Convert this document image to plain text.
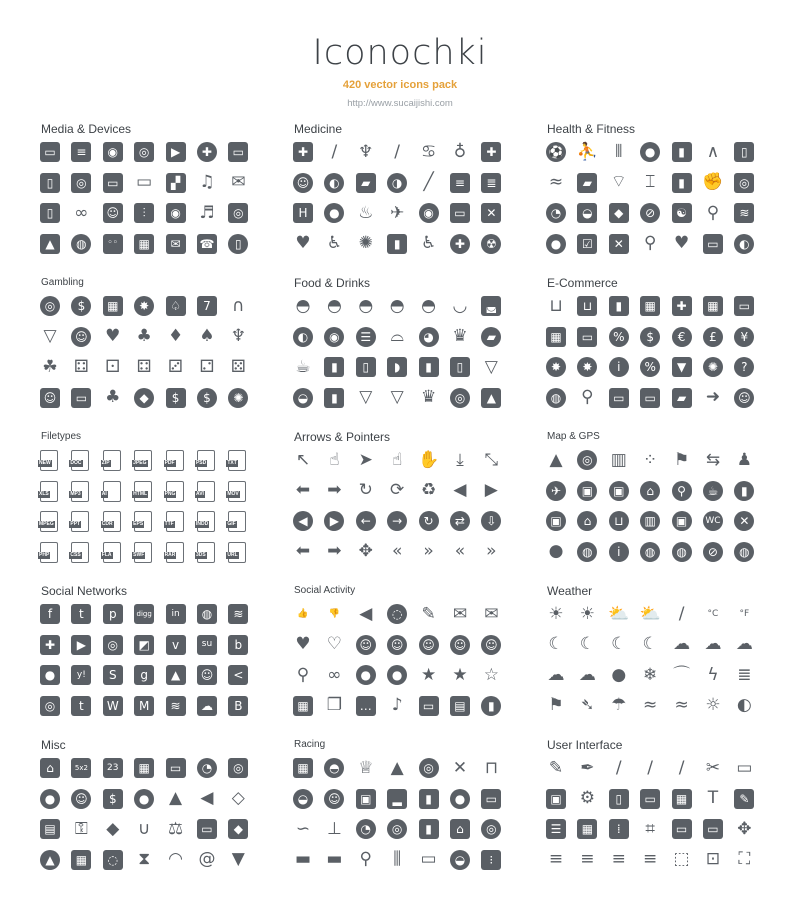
Iconochki
420 vector icons pack
http://www.sucaijishi.com
Media & Devices
▭	≡	◉	◎	▶	✚	▭
▯	◎	▭ ▭	▞	♫ ✉
▯	∞	☺	⫶	◉ ♬	◎
▲	◍	◦◦	▦	✉	☎	▯
Medicine
✚	/	♆	/	♋ ♁	✚
☺	◐	▰	◑ ╱	≡	≣
H	● ♨ ✈	◉	▭	✕
♥ ♿ ✺	▮	♿	✚	☢
Health & Fitness
⚽ ⛹	⦀	●	▮	∧	▯
≈	▰	⌔ ⌶	▮	✊	◎
◔	◒	◆	⊘	☯ ⚲	≋
●	☑	✕ ⚲ ♥	▭	◐
Gambling
◎	$	▦	✸	♤	7	∩
▽	☺ ♥ ♣ ♦ ♠ ♆
☘ ⚃ ⚀ ⚃ ⚂ ⚁ ⚄
☺	▭ ♣	◆	$	$	✺
Food & Drinks
◓ ◓ ◓ ◓ ◓ ◡	◛
◐	◉	☰ ⌓	◕ ♛	▰
☕	▮	▯	◗	▮	▯	▽
◒	▮	▽ ▽ ♛	◎	▲
E-Commerce
⊔	⊔	▮	▦	✚	▦	▭
▦	▭	%	$	€	£	¥
✸	✸	i	%	▼	✺	?
◍ ⚲	▭	▭	▰	➜	☺
Filetypes
NEW	DOC	ZIP	JPEG	PDF	PSD	TXT
XLS	MP3	AI	HTML	PNG	AVI	MOV
MPEG	PPT	CDR	EPS	TTF	INDD	GIF
PHP	CSS	FLA	SWF	RAR	3DS	URL
Arrows & Pointers
↖ ☝ ➤ ☝ ✋	⤓	⤡
⬅ ➡ ↻ ⟳ ♻ ◀ ▶
◀	▶	←	→	↻	⇄	⇩
⬅ ➡ ✥ « » « »
Map & GPS
▲	◎ ▥ ⁘ ⚑ ⇆ ♟
✈	▣	▣	⌂	⚲	☕	▮
▣	⌂	⊔	▥	▣	WC	✕
●	◍	i	◍	◍	⊘	◍
Social Networks
f	t	p	digg	in	◍	≋
✚	▶	◎	◩	v	su	b
●	y!	S	g	▲	☺	<
◎	t	W	M	≋	☁	B
Social Activity
👍	👎 ◀	◌ ✎ ✉ ✉
♥ ♡	☺	☺	☺	☺	☺
⚲ ∞	●	● ★ ★ ☆
▦ ❐	… ♪	▭	▤	▮
Weather
☀ ☀ ⛅ ⛅	/	°C	°F
☾ ☾ ☾ ☾ ☁ ☁ ☁
☁ ☁ ● ❄ ⌒ ϟ ≣
⚑ ➴ ☂ ≈ ≈ ☼ ◐
Misc
⌂	5x2	23	▦	▭	◔	◎
●	☺	$	● ▲ ◀ ◇
▤ ⚿ ◆ ∪ ⚖	▭	◆
▲	▦	◌ ⧗ ◠ @ ▼
Racing
▦	◓ ♕ ▲	◎ ✕ ⊓
◒	☺	▣	▂	▮	●	▭
∽ ⊥	◔	◎	▮	⌂	◎
▬ ▬ ⚲	⫼	▭	◒	⁝
User Interface
✎ ✒	/	/	/	✂ ▭
▣ ⚙	▯	▭	▦ T	✎
☰	▦	⁞	⌗	▭	▭ ✥
≡ ≡ ≡ ≡ ⬚ ⊡ ⛶
